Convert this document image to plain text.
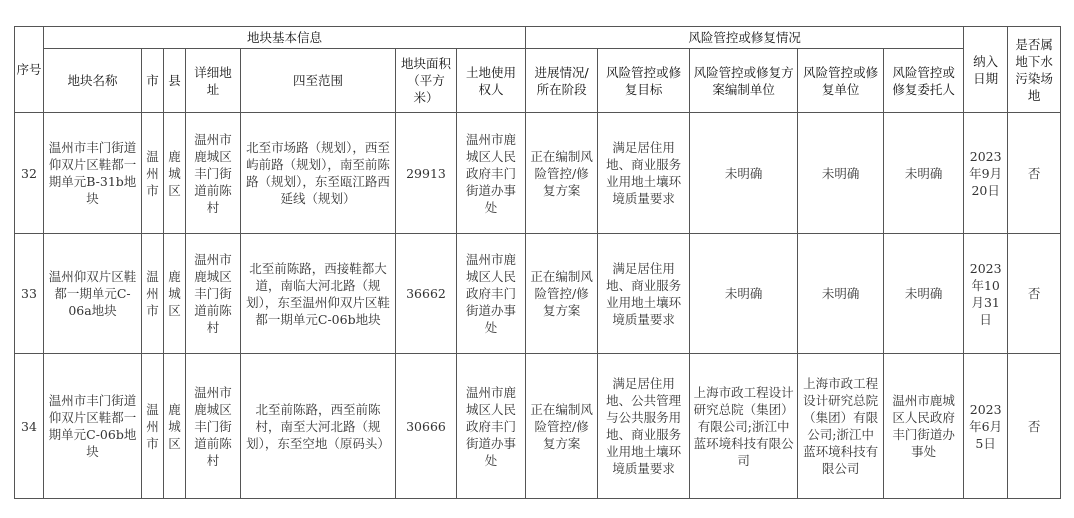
序号	地块基本信息							风险管控或修复情况					纳入日期	是否属地下水污染场地
	地块名称	市	县	详细地址	四至范围	地块面积（平方米）	土地使用权人	进展情况/所在阶段	风险管控或修复目标	风险管控或修复方案编制单位	风险管控或修复单位	风险管控或修复委托人		
32	温州市丰门街道仰双片区鞋都一期单元B-31b地块	温州市	鹿城区	温州市鹿城区丰门街道前陈村	北至市场路（规划），西至屿前路（规划），南至前陈路（规划），东至瓯江路西延线（规划）	29913	温州市鹿城区人民政府丰门街道办事处	正在编制风险管控/修复方案	满足居住用地、商业服务业用地土壤环境质量要求	未明确	未明确	未明确	2023年9月20日	否
33	温州仰双片区鞋都一期单元C-06a地块	温州市	鹿城区	温州市鹿城区丰门街道前陈村	北至前陈路，西接鞋都大道，南临大河北路（规划），东至温州仰双片区鞋都一期单元C-06b地块	36662	温州市鹿城区人民政府丰门街道办事处	正在编制风险管控/修复方案	满足居住用地、商业服务业用地土壤环境质量要求	未明确	未明确	未明确	2023年10月31日	否
34	温州市丰门街道仰双片区鞋都一期单元C-06b地块	温州市	鹿城区	温州市鹿城区丰门街道前陈村	北至前陈路，西至前陈村，南至大河北路（规划），东至空地（原码头）	30666	温州市鹿城区人民政府丰门街道办事处	正在编制风险管控/修复方案	满足居住用地、公共管理与公共服务用地、商业服务业用地土壤环境质量要求	上海市政工程设计研究总院（集团）有限公司;浙江中蓝环境科技有限公司	上海市政工程设计研究总院（集团）有限公司;浙江中蓝环境科技有限公司	温州市鹿城区人民政府丰门街道办事处	2023年6月5日	否
